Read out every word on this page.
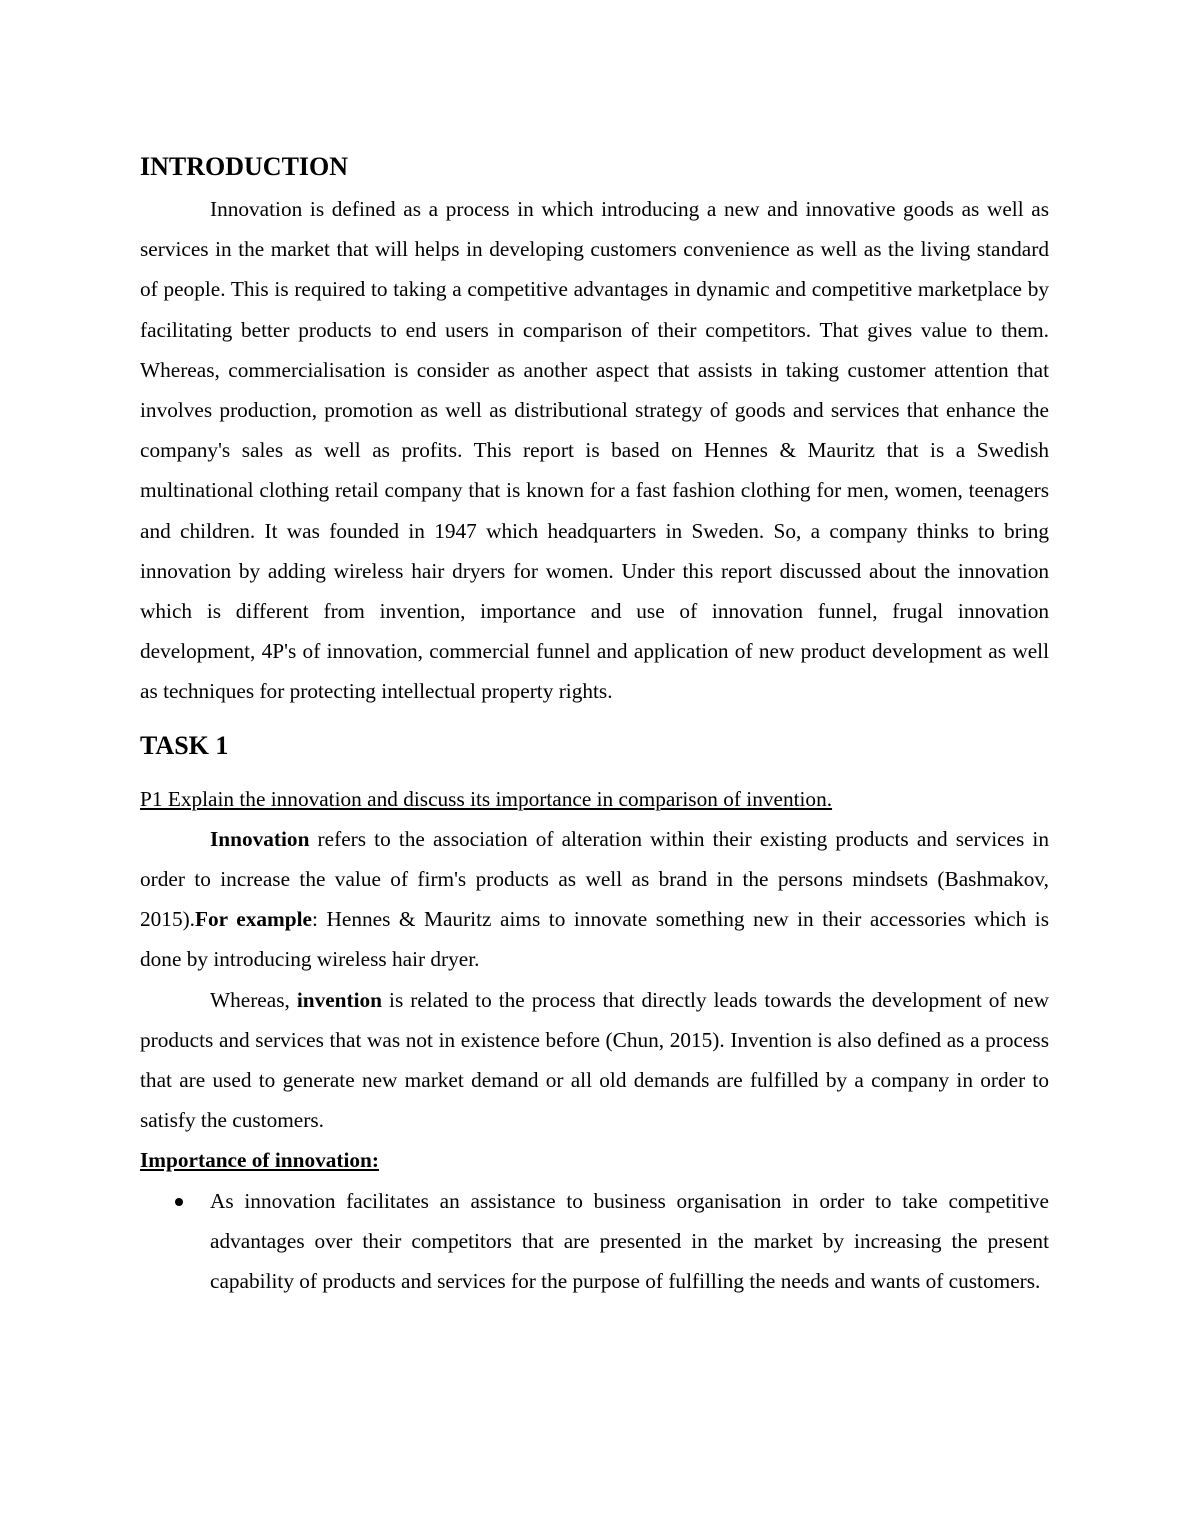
INTRODUCTION

Innovation is defined as a process in which introducing a new and innovative goods as well as services in the market that will helps in developing customers convenience as well as the living standard of people. This is required to taking a competitive advantages in dynamic and competitive marketplace by facilitating better products to end users in comparison of their competitors. That gives value to them. Whereas, commercialisation is consider as another aspect that assists in taking customer attention that involves production, promotion as well as distributional strategy of goods and services that enhance the company's sales as well as profits. This report is based on Hennes & Mauritz that is a Swedish multinational clothing retail company that is known for a fast fashion clothing for men, women, teenagers and children. It was founded in 1947 which headquarters in Sweden. So, a company thinks to bring innovation by adding wireless hair dryers for women. Under this report discussed about the innovation which is different from invention, importance and use of innovation funnel, frugal innovation development, 4P's of innovation, commercial funnel and application of new product development as well as techniques for protecting intellectual property rights.

TASK 1

P1 Explain the innovation and discuss its importance in comparison of invention.

Innovation refers to the association of alteration within their existing products and services in order to increase the value of firm's products as well as brand in the persons mindsets (Bashmakov, 2015).For example: Hennes & Mauritz aims to innovate something new in their accessories which is done by introducing wireless hair dryer.

Whereas, invention is related to the process that directly leads towards the development of new products and services that was not in existence before (Chun, 2015). Invention is also defined as a process that are used to generate new market demand or all old demands are fulfilled by a company in order to satisfy the customers.

Importance of innovation:

As innovation facilitates an assistance to business organisation in order to take competitive advantages over their competitors that are presented in the market by increasing the present capability of products and services for the purpose of fulfilling the needs and wants of customers.
